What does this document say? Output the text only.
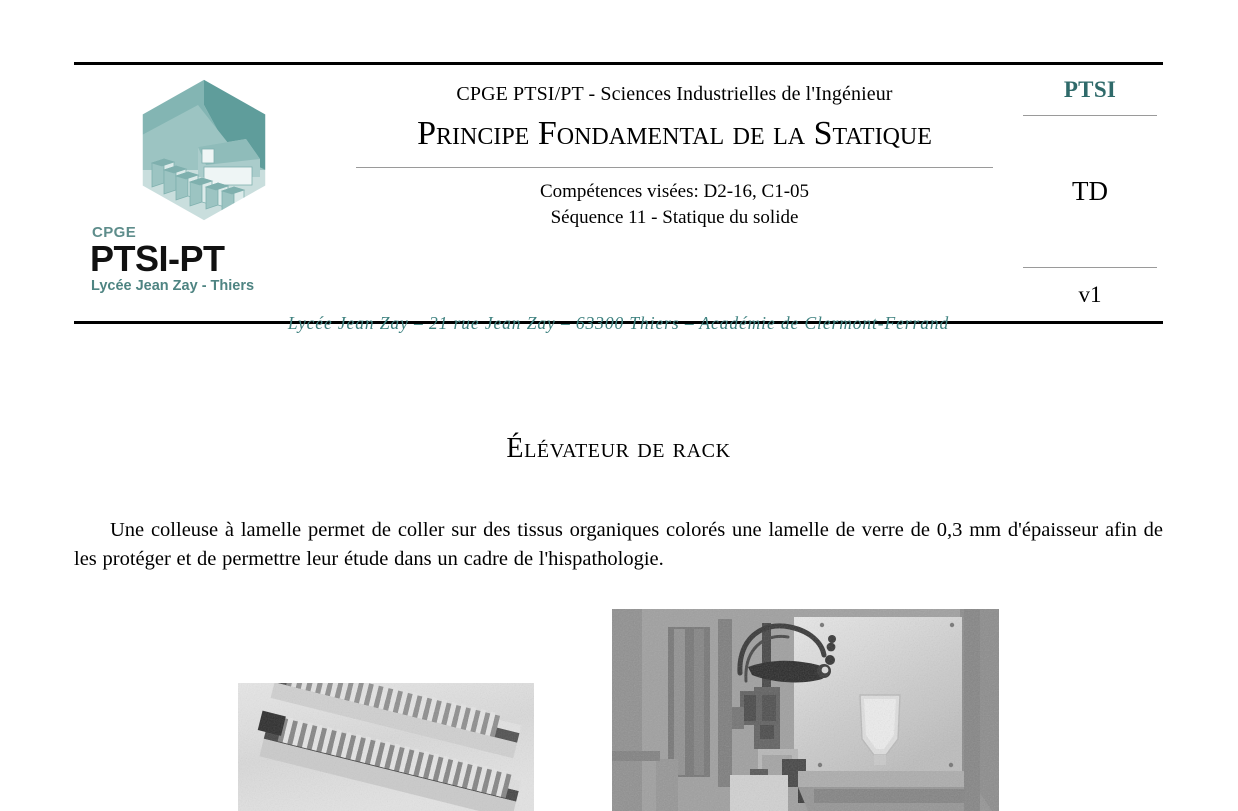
CPGE
PTSI-PT
Lycée Jean Zay - Thiers
CPGE PTSI/PT - Sciences Industrielles de l'Ingénieur
Principe Fondamental de la Statique
Compétences visées: D2-16, C1-05
Séquence 11 - Statique du solide
PTSI
TD
v1
Lycée Jean Zay – 21 rue Jean Zay – 63300 Thiers – Académie de Clermont-Ferrand
Élévateur de rack
Une colleuse à lamelle permet de coller sur des tissus organiques colorés une lamelle de verre de 0,3 mm d'épaisseur afin de les protéger et de permettre leur étude dans un cadre de l'hispathologie.
